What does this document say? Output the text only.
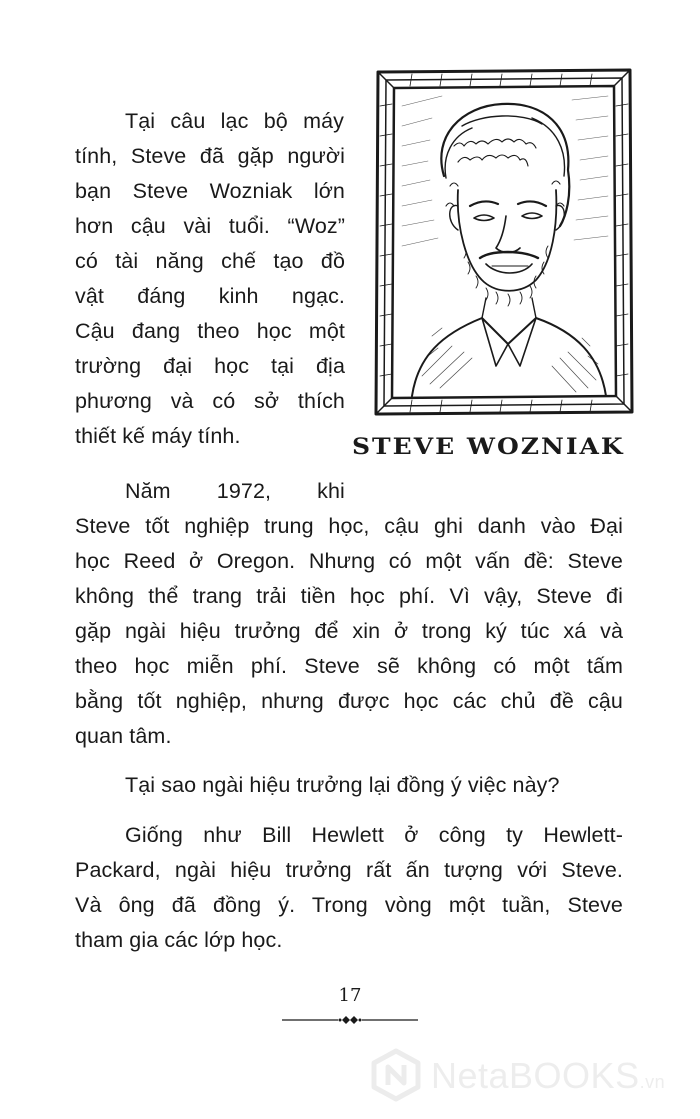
Tại câu lạc bộ máy
tính, Steve đã gặp người
bạn Steve Wozniak lớn
hơn cậu vài tuổi. “Woz”
có tài năng chế tạo đồ
vật đáng kinh ngạc.
Cậu đang theo học một
trường đại học tại địa
phương và có sở thích
thiết kế máy tính.
Năm 1972, khi
Steve tốt nghiệp trung học, cậu ghi danh vào Đại
học Reed ở Oregon. Nhưng có một vấn đề: Steve
không thể trang trải tiền học phí. Vì vậy, Steve đi
gặp ngài hiệu trưởng để xin ở trong ký túc xá và
theo học miễn phí. Steve sẽ không có một tấm
bằng tốt nghiệp, nhưng được học các chủ đề cậu
quan tâm.
Tại sao ngài hiệu trưởng lại đồng ý việc này?
Giống như Bill Hewlett ở công ty Hewlett-
Packard, ngài hiệu trưởng rất ấn tượng với Steve.
Và ông đã đồng ý. Trong vòng một tuần, Steve
tham gia các lớp học.
STEVE WOZNIAK
17
NetaBOOKS.vn
